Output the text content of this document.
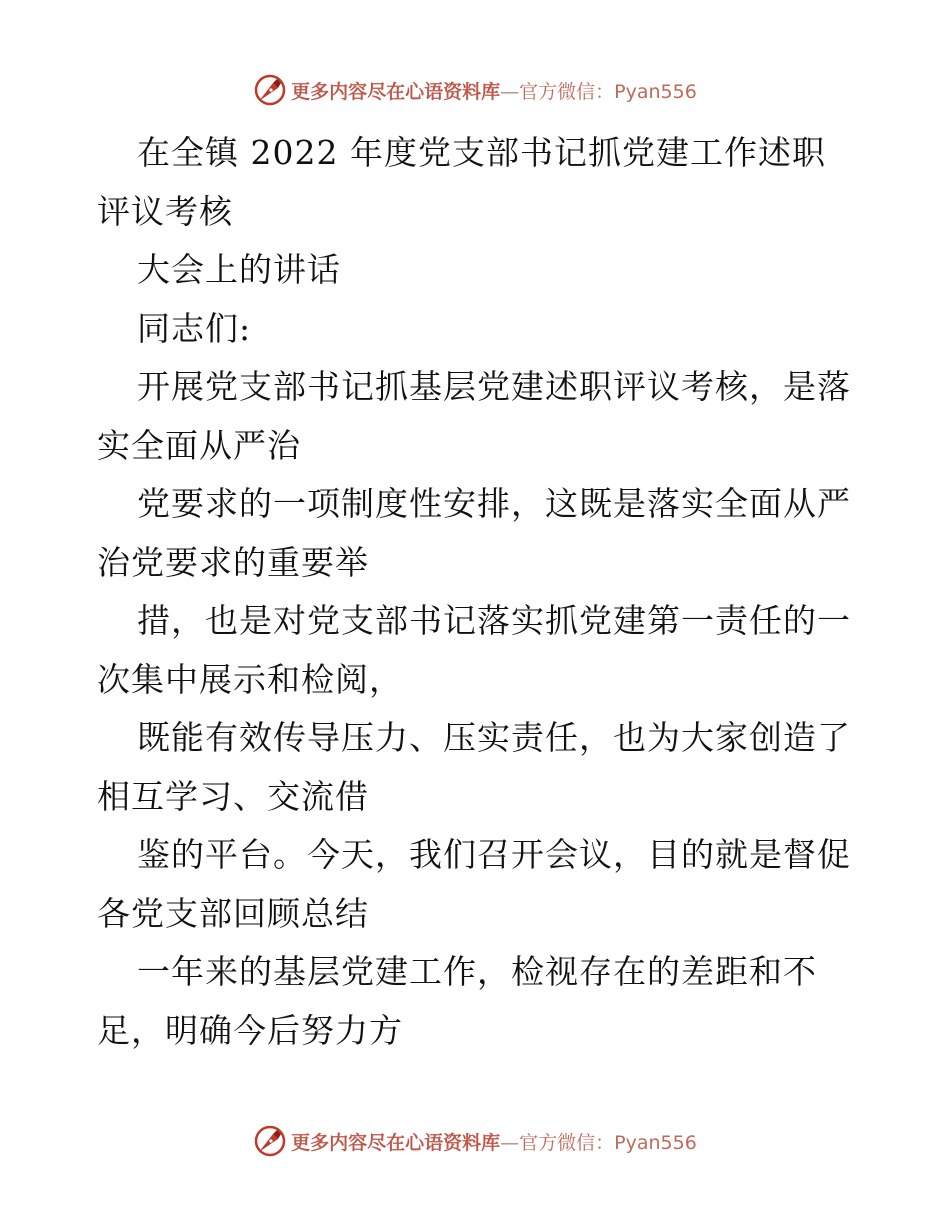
更多内容尽在心语资料库—官方微信：Pyan556

在全镇 2022 年度党支部书记抓党建工作述职评议考核

大会上的讲话

同志们:

开展党支部书记抓基层党建述职评议考核，是落实全面从严治

党要求的一项制度性安排，这既是落实全面从严治党要求的重要举

措，也是对党支部书记落实抓党建第一责任的一次集中展示和检阅，

既能有效传导压力、压实责任，也为大家创造了相互学习、交流借

鉴的平台。今天，我们召开会议，目的就是督促各党支部回顾总结

一年来的基层党建工作，检视存在的差距和不足，明确今后努力方

更多内容尽在心语资料库—官方微信：Pyan556
